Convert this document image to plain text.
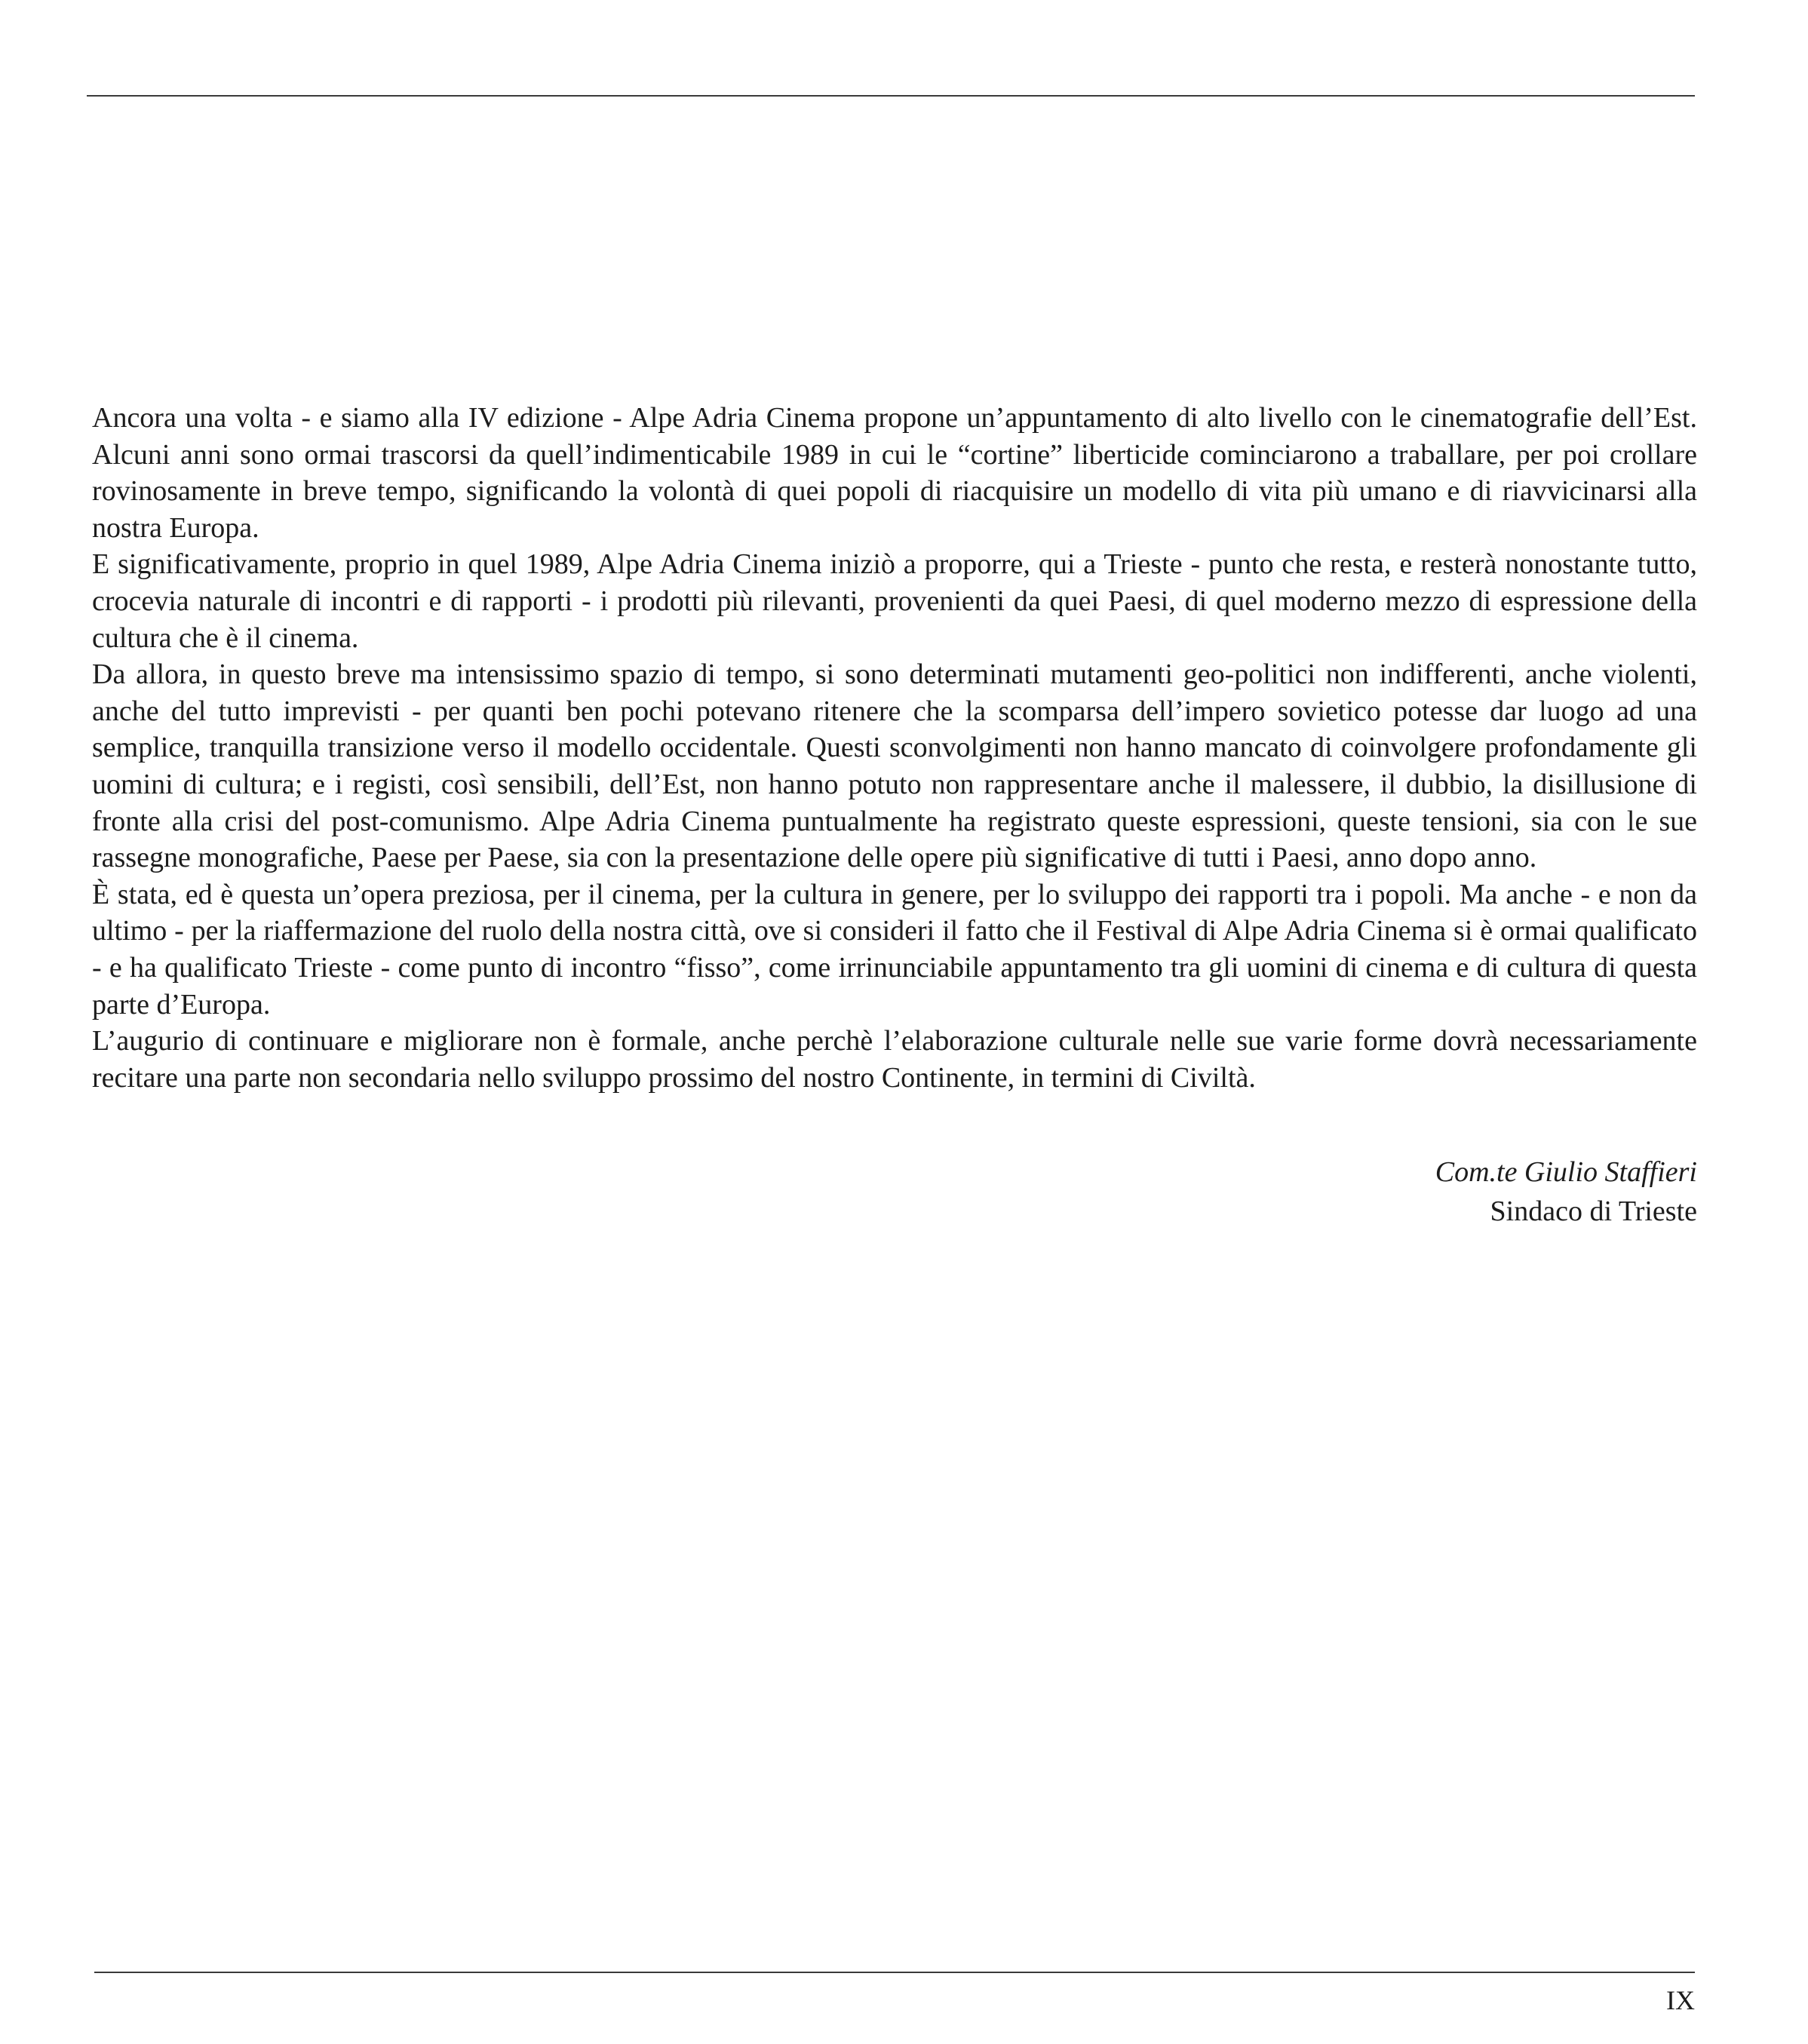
Ancora una volta - e siamo alla IV edizione - Alpe Adria Cinema propone un’appuntamento di alto livello con le cinematografie dell’Est. Alcuni anni sono ormai trascorsi da quell’indimenticabile 1989 in cui le “cortine” liberticide cominciarono a traballare, per poi crollare rovinosamente in breve tempo, significando la volontà di quei popoli di riacquisire un modello di vita più umano e di riavvicinarsi alla nostra Europa.

E significativamente, proprio in quel 1989, Alpe Adria Cinema iniziò a proporre, qui a Trieste - punto che resta, e resterà nonostante tutto, crocevia naturale di incontri e di rapporti - i prodotti più rilevanti, provenienti da quei Paesi, di quel moderno mezzo di espressione della cultura che è il cinema.

Da allora, in questo breve ma intensissimo spazio di tempo, si sono determinati mutamenti geo-politici non indifferenti, anche violenti, anche del tutto imprevisti - per quanti ben pochi potevano ritenere che la scomparsa dell’impero sovietico potesse dar luogo ad una semplice, tranquilla transizione verso il modello occidentale. Questi sconvolgimenti non hanno mancato di coinvolgere profondamente gli uomini di cultura; e i registi, così sensibili, dell’Est, non hanno potuto non rappresentare anche il malessere, il dubbio, la disillusione di fronte alla crisi del post-comunismo. Alpe Adria Cinema puntualmente ha registrato queste espressioni, queste tensioni, sia con le sue rassegne monografiche, Paese per Paese, sia con la presentazione delle opere più significative di tutti i Paesi, anno dopo anno.

È stata, ed è questa un’opera preziosa, per il cinema, per la cultura in genere, per lo sviluppo dei rapporti tra i popoli. Ma anche - e non da ultimo - per la riaffermazione del ruolo della nostra città, ove si consideri il fatto che il Festival di Alpe Adria Cinema si è ormai qualificato - e ha qualificato Trieste - come punto di incontro “fisso”, come irrinunciabile appuntamento tra gli uomini di cinema e di cultura di questa parte d’Europa.

L’augurio di continuare e migliorare non è formale, anche perchè l’elaborazione culturale nelle sue varie forme dovrà necessariamente recitare una parte non secondaria nello sviluppo prossimo del nostro Continente, in termini di Civiltà.

Com.te Giulio Staffieri
Sindaco di Trieste
IX
